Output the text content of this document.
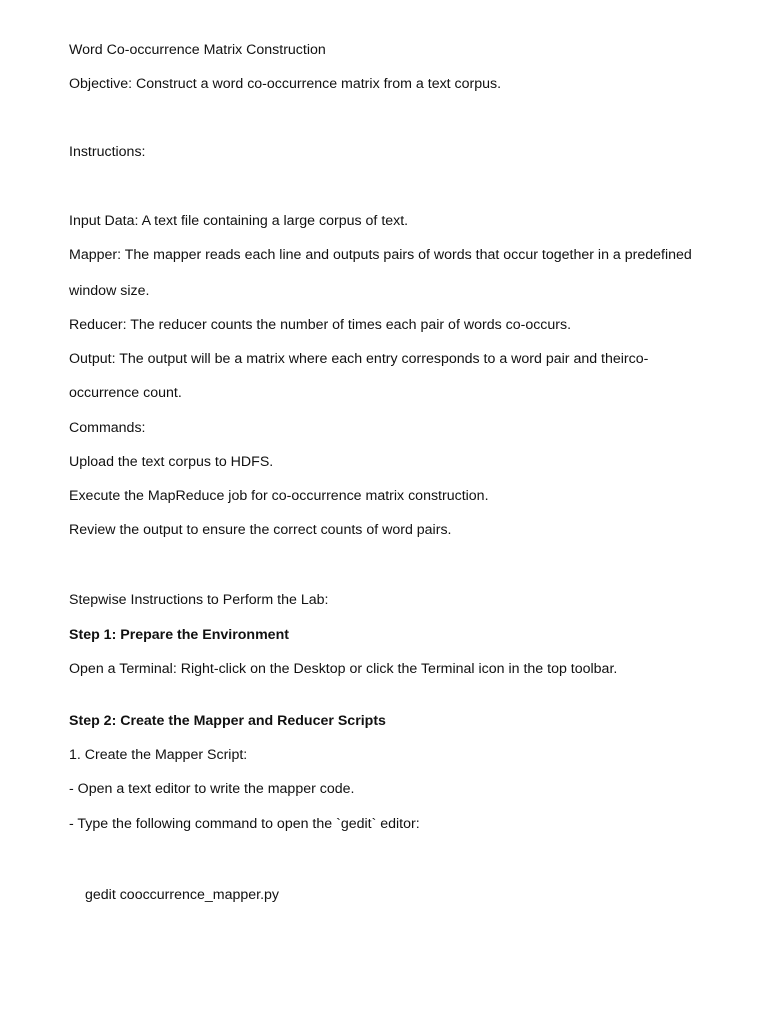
Word Co-occurrence Matrix Construction
Objective: Construct a word co-occurrence matrix from a text corpus.
Instructions:
Input Data: A text file containing a large corpus of text.
Mapper: The mapper reads each line and outputs pairs of words that occur together in a predefined
window size.
Reducer: The reducer counts the number of times each pair of words co-occurs.
Output: The output will be a matrix where each entry corresponds to a word pair and theirco-
occurrence count.
Commands:
Upload the text corpus to HDFS.
Execute the MapReduce job for co-occurrence matrix construction.
Review the output to ensure the correct counts of word pairs.
Stepwise Instructions to Perform the Lab:
Step 1: Prepare the Environment
Open a Terminal: Right-click on the Desktop or click the Terminal icon in the top toolbar.
Step 2: Create the Mapper and Reducer Scripts
1. Create the Mapper Script:
- Open a text editor to write the mapper code.
- Type the following command to open the `gedit` editor:
gedit cooccurrence_mapper.py
